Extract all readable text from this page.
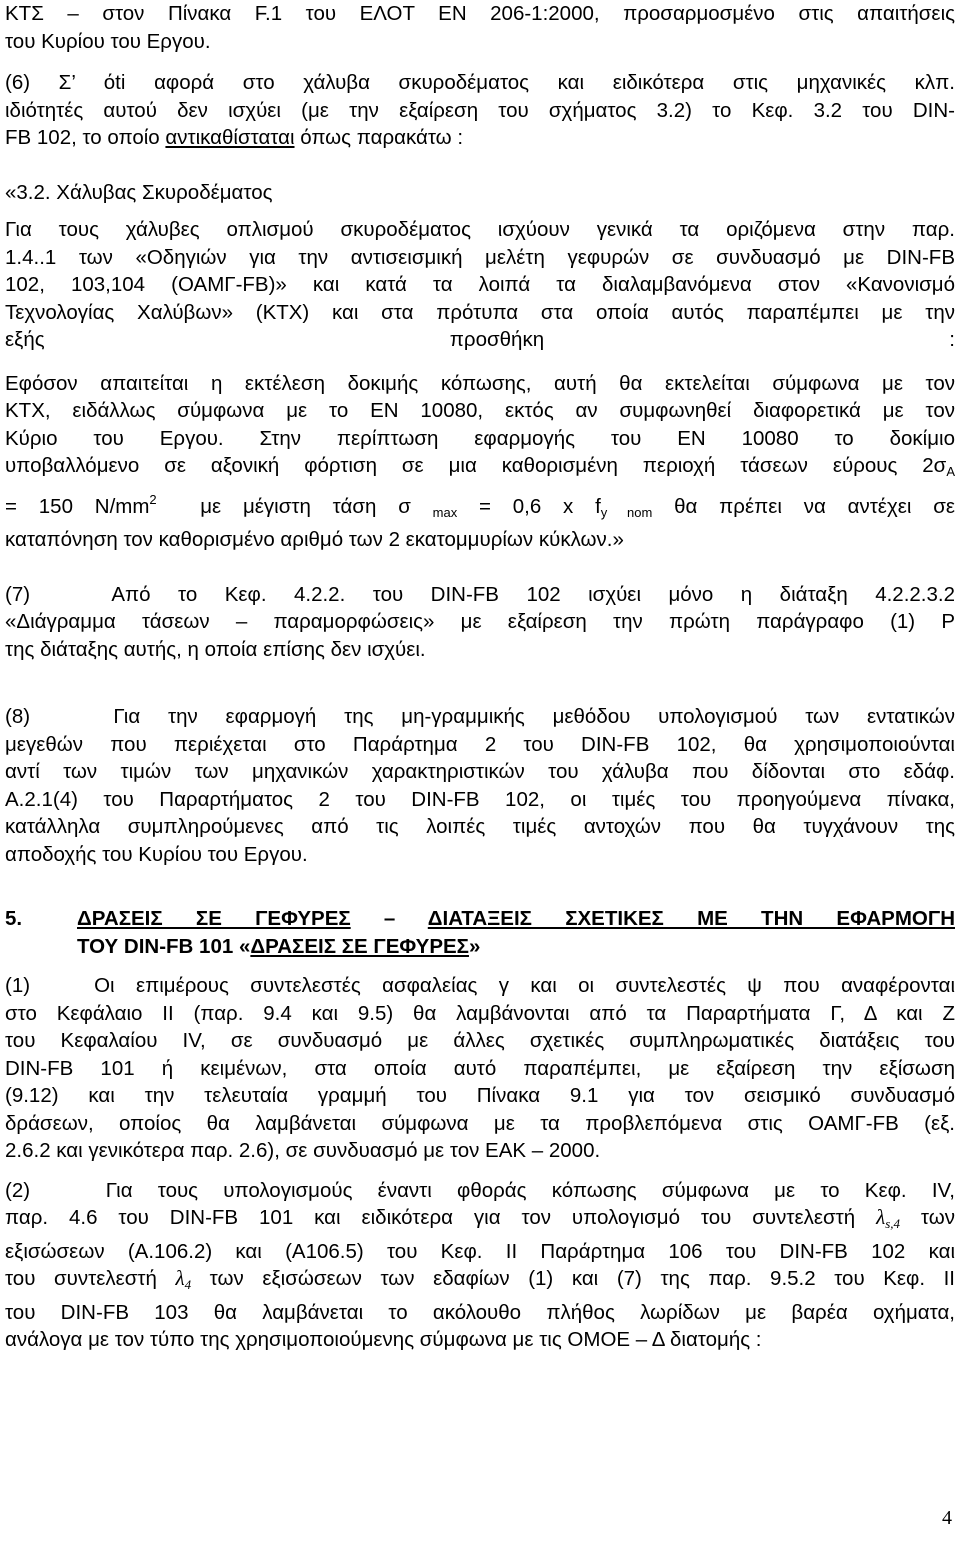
ΚΤΣ – στον Πίνακα F.1 του ΕΛΟΤ ΕΝ 206-1:2000, προσαρμοσμένο στις απαιτήσεις

του Κυρίου του Εργου.

(6) Σ’ όti αφορά στο χάλυβα σκυροδέματος και ειδικότερα στις μηχανικές κλπ.

ιδιότητές αυτού δεν ισχύει (με την εξαίρεση του σχήματος 3.2) το Κεφ. 3.2 του DIN-

FB 102, το οποίο αντικαθίσταται όπως παρακάτω :

«3.2. Χάλυβας Σκυροδέματος

Για τους χάλυβες οπλισμού σκυροδέματος ισχύουν γενικά τα οριζόμενα στην παρ.

1.4..1 των «Οδηγιών για την αντισεισμική μελέτη γεφυρών σε συνδυασμό με DIN-FB

102, 103,104 (ΟΑΜΓ-FB)» και κατά τα λοιπά τα διαλαμβανόμενα στον «Κανονισμό

Τεχνολογίας Χαλύβων» (ΚΤΧ) και στα πρότυπα στα οποία αυτός παραπέμπει με την

εξής                                          προσθήκη                                          :

Εφόσον απαιτείται η εκτέλεση δοκιμής κόπωσης, αυτή θα εκτελείται σύμφωνα με τον

ΚΤΧ, ειδάλλως σύμφωνα με το ΕΝ 10080, εκτός αν συμφωνηθεί διαφορετικά με τον

Κύριο του Εργου. Στην περίπτωση εφαρμογής του ΕΝ 10080 το δοκίμιο

υποβαλλόμενο σε αξονική φόρτιση σε μια καθορισμένη περιοχή τάσεων εύρους $2\sigma_A$

= 150 $N/mm^2$  με μέγιστη τάση σ $_{max}$ = 0,6 x $f_{y nom}$ θα πρέπει να αντέχει σε

καταπόνηση τον καθορισμένο αριθμό των 2 εκατομμυρίων κύκλων.»

(7)   Από το Κεφ. 4.2.2. του DIN-FB 102 ισχύει μόνο η διάταξη 4.2.2.3.2

«Διάγραμμα τάσεων – παραμορφώσεις» με εξαίρεση την πρώτη παράγραφο (1) Ρ

της διάταξης αυτής, η οποία επίσης δεν ισχύει.

(8)   Για την εφαρμογή της μη-γραμμικής μεθόδου υπολογισμού των εντατικών

μεγεθών που περιέχεται στο Παράρτημα 2 του DIN-FB 102, θα χρησιμοποιούνται

αντί των τιμών των μηχανικών χαρακτηριστικών του χάλυβα που δίδονται στο εδάφ.

Α.2.1(4) του Παραρτήματος 2 του DIN-FB 102, οι τιμές του προηγούμενα πίνακα,

κατάλληλα συμπληρούμενες από τις λοιπές τιμές αντοχών που θα τυγχάνουν της

αποδοχής του Κυρίου του Εργου.

5.	ΔΡΑΣΕΙΣ ΣΕ ΓΕΦΥΡΕΣ – ΔΙΑΤΑΞΕΙΣ ΣΧΕΤΙΚΕΣ ΜΕ ΤΗΝ ΕΦΑΡΜΟΓΗ
ΤΟΥ DIN-FB 101 «ΔΡΑΣΕΙΣ ΣΕ ΓΕΦΥΡΕΣ»

(1)   Οι επιμέρους συντελεστές ασφαλείας γ και οι συντελεστές ψ που αναφέρονται

στο Κεφάλαιο ΙΙ (παρ. 9.4 και 9.5) θα λαμβάνονται από τα Παραρτήματα Γ, Δ και Ζ

του Κεφαλαίου ΙV, σε συνδυασμό με άλλες σχετικές συμπληρωματικές διατάξεις του

DIN-FB 101 ή κειμένων, στα οποία αυτό παραπέμπει, με εξαίρεση την εξίσωση

(9.12) και την τελευταία γραμμή του Πίνακα 9.1 για τον σεισμικό συνδυασμό

δράσεων, οποίος θα λαμβάνεται σύμφωνα με τα προβλεπόμενα στις ΟΑΜΓ-FB (εξ.

2.6.2 και γενικότερα παρ. 2.6), σε συνδυασμό με τον ΕΑΚ – 2000.

(2)   Για τους υπολογισμούς έναντι φθοράς κόπωσης σύμφωνα με το Κεφ. ΙV,

παρ. 4.6 του DIN-FB 101 και ειδικότερα για τον υπολογισμό του συντελεστή λs,4 των

εξισώσεων (Α.106.2) και (Α106.5) του Κεφ. ΙΙ Παράρτημα 106 του DIN-FB 102 και

του συντελεστή λ4 των εξισώσεων των εδαφίων (1) και (7) της παρ. 9.5.2 του Κεφ. ΙΙ

του DIN-FB 103 θα λαμβάνεται το ακόλουθο πλήθος λωρίδων με βαρέα οχήματα,

ανάλογα με τον τύπο της χρησιμοποιούμενης σύμφωνα με τις ΟΜΟΕ – Δ διατομής :

4
